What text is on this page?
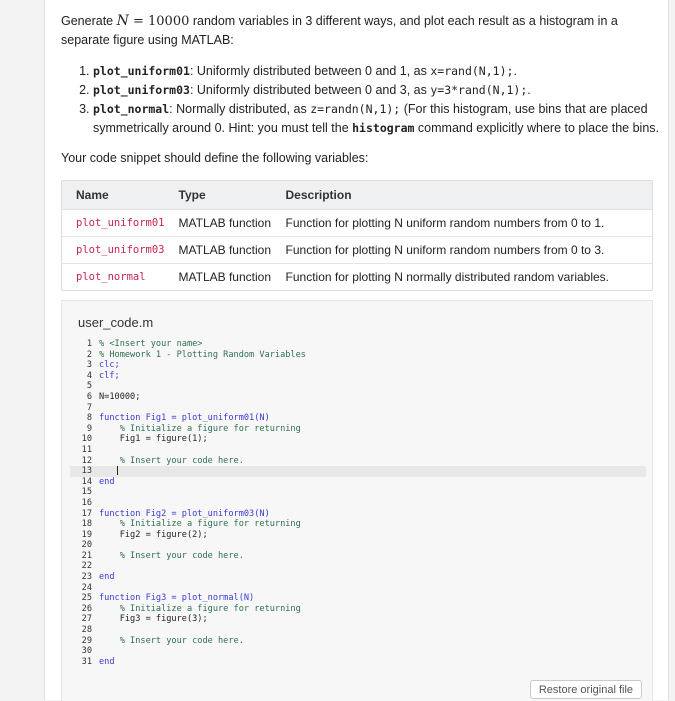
Generate N = 10000 random variables in 3 different ways, and plot each result as a histogram in a separate figure using MATLAB:
1. plot_uniform01: Uniformly distributed between 0 and 1, as x=rand(N,1);.
2. plot_uniform03: Uniformly distributed between 0 and 3, as y=3*rand(N,1);.
3. plot_normal: Normally distributed, as z=randn(N,1); (For this histogram, use bins that are placed symmetrically around 0. Hint: you must tell the histogram command explicitly where to place the bins.
Your code snippet should define the following variables:
Name	Type	Description
plot_uniform01	MATLAB function	Function for plotting N uniform random numbers from 0 to 1.
plot_uniform03	MATLAB function	Function for plotting N uniform random numbers from 0 to 3.
plot_normal	MATLAB function	Function for plotting N normally distributed random variables.
user_code.m
1 % <Insert your name>
2 % Homework 1 - Plotting Random Variables
3 clc;
4 clf;
5
6 N=10000;
7
8 function Fig1 = plot_uniform01(N)
9    % Initialize a figure for returning
10    Fig1 = figure(1);
11
12    % Insert your code here.
13
14 end
15
16
17 function Fig2 = plot_uniform03(N)
18    % Initialize a figure for returning
19    Fig2 = figure(2);
20
21    % Insert your code here.
22
23 end
24
25 function Fig3 = plot_normal(N)
26    % Initialize a figure for returning
27    Fig3 = figure(3);
28
29    % Insert your code here.
30
31 end
Restore original file
